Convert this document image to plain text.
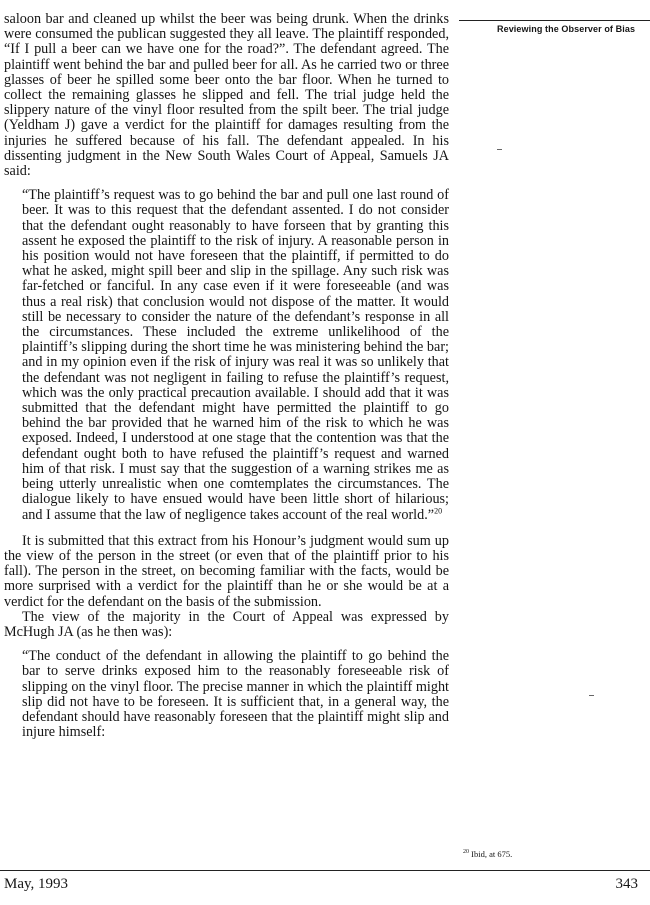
saloon bar and cleaned up whilst the beer was being drunk. When the drinks were consumed the publican suggested they all leave. The plaintiff responded, “If I pull a beer can we have one for the road?”. The defendant agreed. The plaintiff went behind the bar and pulled beer for all. As he carried two or three glasses of beer he spilled some beer onto the bar floor. When he turned to collect the remaining glasses he slipped and fell. The trial judge held the slippery nature of the vinyl floor resulted from the spilt beer. The trial judge (Yeldham J) gave a verdict for the plaintiff for damages resulting from the injuries he suffered because of his fall. The defendant appealed. In his dissenting judgment in the New South Wales Court of Appeal, Samuels JA said:

“The plaintiff’s request was to go behind the bar and pull one last round of beer. It was to this request that the defendant assented. I do not consider that the defendant ought reasonably to have forseen that by granting this assent he exposed the plaintiff to the risk of injury. A reasonable person in his position would not have foreseen that the plaintiff, if permitted to do what he asked, might spill beer and slip in the spillage. Any such risk was far-fetched or fanciful. In any case even if it were foreseeable (and was thus a real risk) that conclusion would not dispose of the matter. It would still be necessary to consider the nature of the defendant’s response in all the circumstances. These included the extreme unlikelihood of the plaintiff’s slipping during the short time he was ministering behind the bar; and in my opinion even if the risk of injury was real it was so unlikely that the defendant was not negligent in failing to refuse the plaintiff’s request, which was the only practical precaution available. I should add that it was submitted that the defendant might have permitted the plaintiff to go behind the bar provided that he warned him of the risk to which he was exposed. Indeed, I understood at one stage that the contention was that the defendant ought both to have refused the plaintiff’s request and warned him of that risk. I must say that the suggestion of a warning strikes me as being utterly unrealistic when one comtemplates the circumstances. The dialogue likely to have ensued would have been little short of hilarious; and I assume that the law of negligence takes account of the real world.”$^{20}$

It is submitted that this extract from his Honour’s judgment would sum up the view of the person in the street (or even that of the plaintiff prior to his fall). The person in the street, on becoming familiar with the facts, would be more surprised with a verdict for the plaintiff than he or she would be at a verdict for the defendant on the basis of the submission.

The view of the majority in the Court of Appeal was expressed by McHugh JA (as he then was):

“The conduct of the defendant in allowing the plaintiff to go behind the bar to serve drinks exposed him to the reasonably foreseeable risk of slipping on the vinyl floor. The precise manner in which the plaintiff might slip did not have to be foreseen. It is sufficient that, in a general way, the defendant should have reasonably foreseen that the plaintiff might slip and injure himself:

Reviewing the Observer of Bias
$^{20}$ Ibid, at 675.
May, 1993	343
